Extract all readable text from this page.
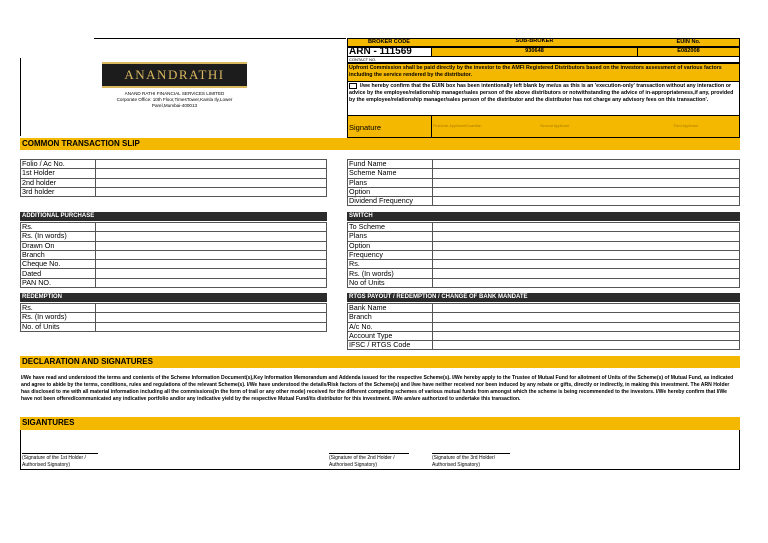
ANANDRATHI
ANAND RATHI FINANCIAL SERVICES LIMITED
Corporate Office: 10th Floor,TimesTower,Kamla Ily,Lower
Parel,Mumbai-400013
BROKER CODE	SUB-BROKER	EUIN No.
ARN - 111569	930648	E082008
CONTACT NO.
Upfront Commission shall be paid directly by the investor to the AMFI Registered Distributors based on the investors assessment of various factors including the service rendered by the distributor.
I/we hereby confirm that the EUIN box has been intentionally left blank by me/us as this is an 'execution-only' transaction without any interaction or advice by the employee/relationship manager/sales person of the above distributors or notwithstanding the advice of in-appropriateness,if any, provided by the employee/relationship manager/sales person of the distributor and the distributor has not charge any advisory fees on this transaction'.
Signature	First/sole Applicant/Guardian	Second Applicant	Third Applicant
COMMON TRANSACTION SLIP
Folio / Ac No.	
1st Holder	
2nd holder	
3rd holder	
Fund Name	
Scheme Name	
Plans	
Option	
Dividend Frequency	
ADDITIONAL PURCHASE
Rs.	
Rs. (In words)	
Drawn On	
Branch	
Cheque No.	
Dated	
PAN NO.	
SWITCH
To Scheme	
Plans	
Option	
Frequency	
Rs.	
Rs. (In words)	
No of Units	
REDEMPTION
Rs.	
Rs. (In words)	
No. of Units	
RTGS PAYOUT / REDEMPTION / CHANGE OF BANK MANDATE
Bank Name	
Branch	
A/c No.	
Account Type	
IFSC / RTGS Code	
DECLARATION AND SIGNATURES
I/We have read and understood the terms and contents of the Scheme Information Document(s),Key Information Memorandum and Addenda issued for the respective Scheme(s). I/We hereby apply to the Trustee of Mutual Fund for allotment of Units of the Scheme(s) of Mutual Fund, as indicated and agree to abide by the terms, conditions, rules and regulations of the relevant Scheme(s). I/We have understood the details/Risk factors of the Scheme(s) and I/we have neither received nor been induced by any rebate or gifts, directly or indirectly, in making this investment. The ARN Holder has disclosed to me with all material information including all the commissions(in the form of trail or any other mode) received for the different competing schemes of various mutual funds from amongst which the scheme is being recommended to the investors. I/We hereby confirm that I/We have not been offered/communicated any indicative portfolio and/or any indicative yield by the respective Mutual Fund/its distributor for this investment. I/We am/are authorized to undertake this transaction.
SIGANTURES
(Signature of the 1st Holder /
Authorised Signatory)
(Signature of the 2nd Holder /
Authorised Signatory)
(Signature of the 3rd Holder/
Authorised Signatory)
